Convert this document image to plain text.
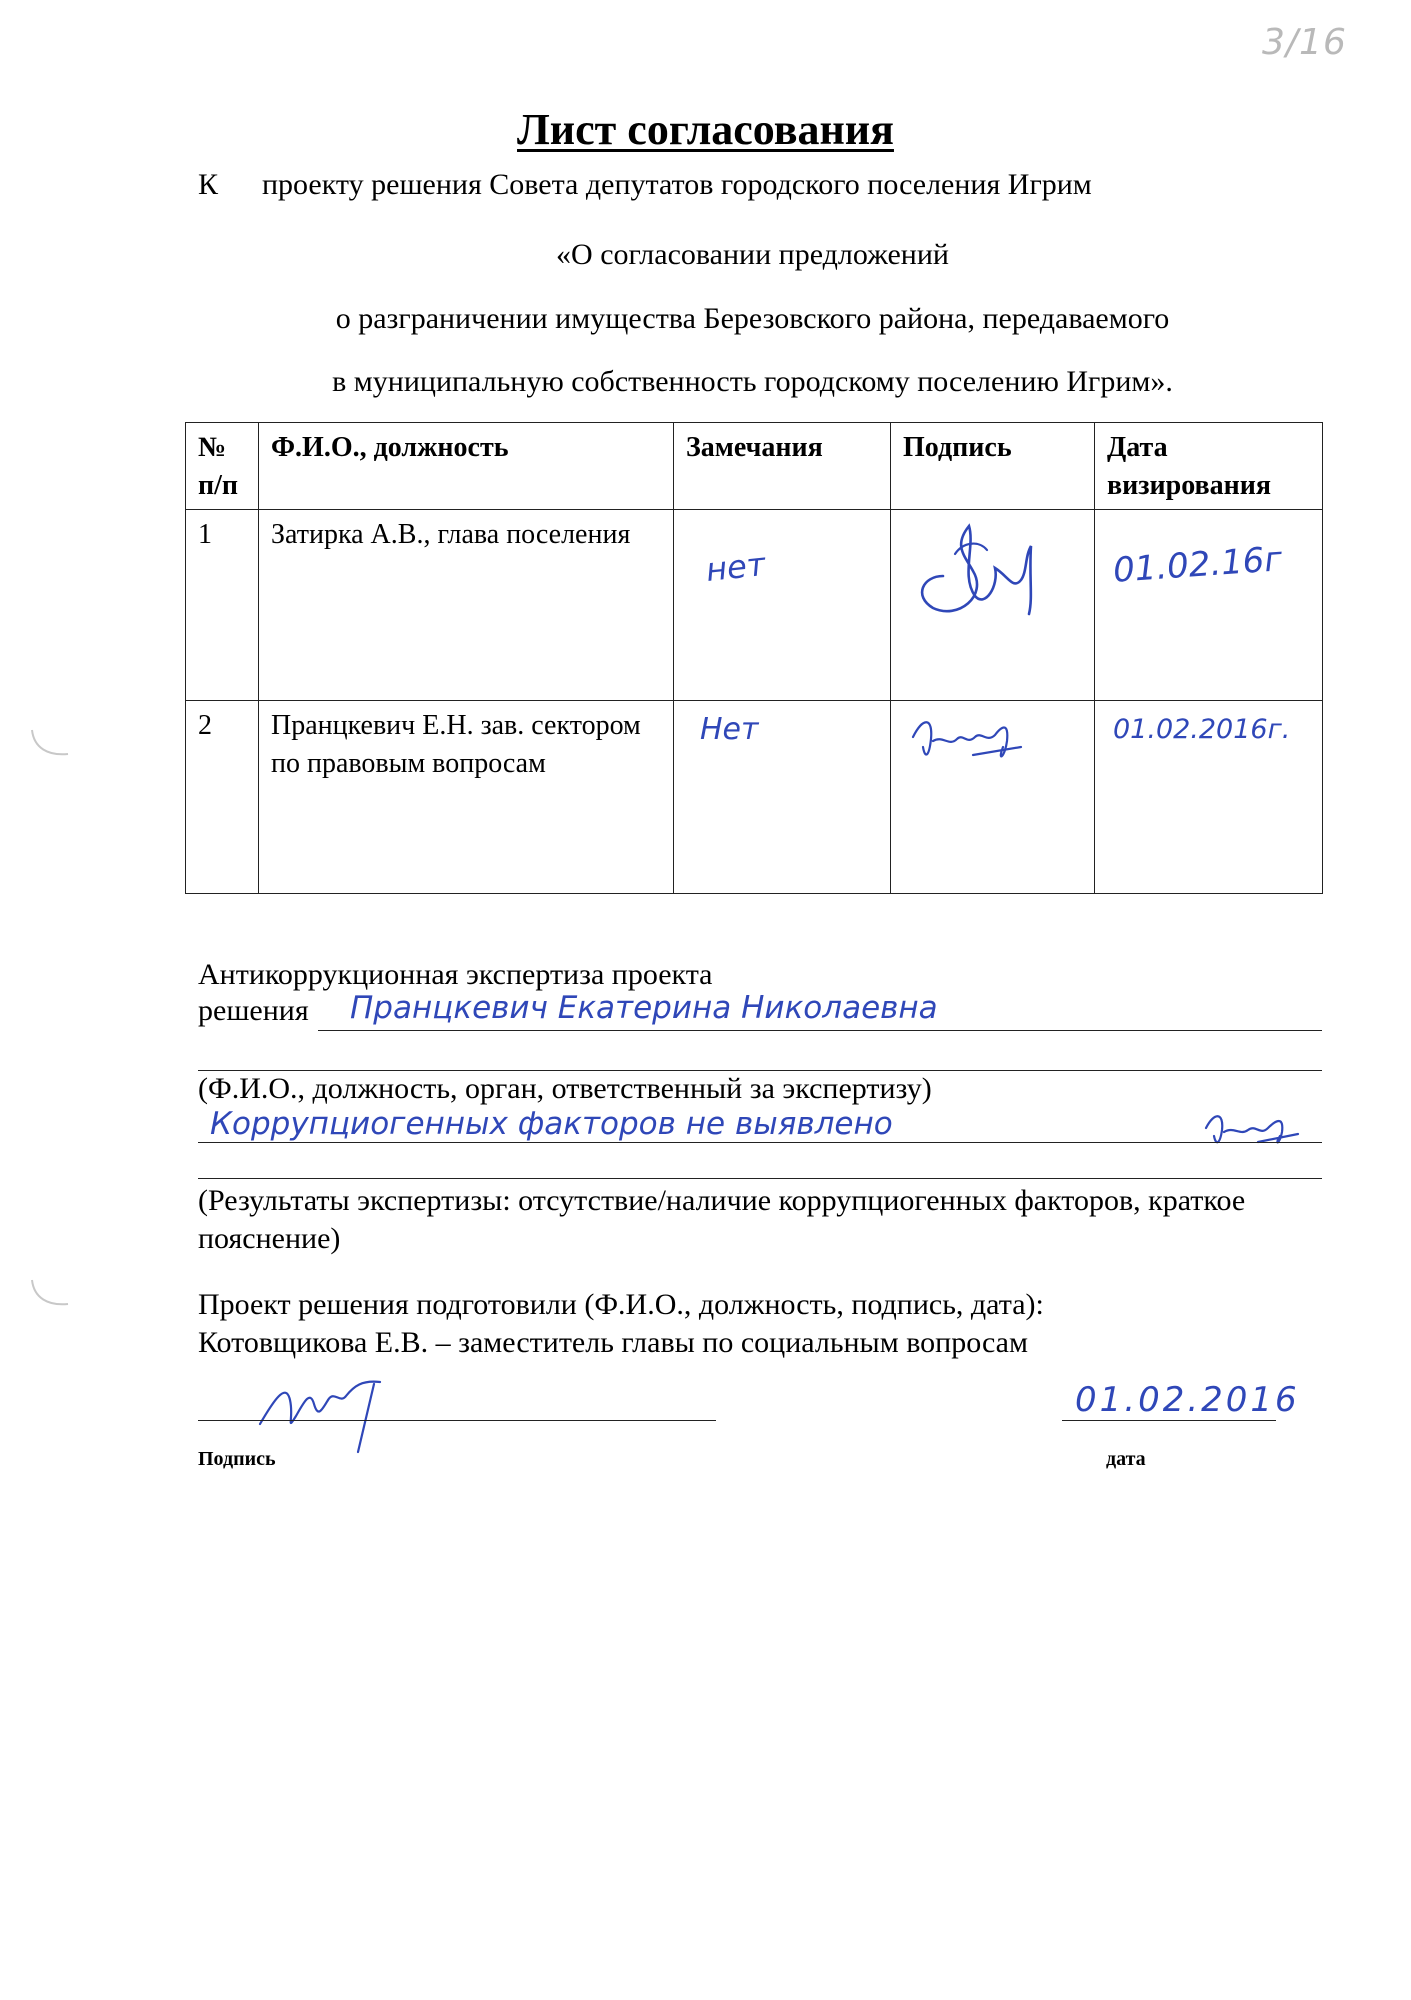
3/16
Лист согласования
К проекту решения Совета депутатов городского поселения Игрим
«О согласовании предложений
о разграничении имущества Березовского района, передаваемого
в муниципальную собственность городскому поселению Игрим».
№ п/п	Ф.И.О., должность	Замечания	Подпись	Дата визирования
1	Затирка А.В., глава поселения	нет		01.02.16г
2	Пранцкевич Е.Н. зав. сектором по правовым вопросам	Нет		01.02.2016г.
Антикоррукционная экспертиза проекта
решения Пранцкевич Екатерина Николаевна
(Ф.И.О., должность, орган, ответственный за экспертизу)
Коррупциогенных факторов не выявлено
(Результаты экспертизы: отсутствие/наличие коррупциогенных факторов, краткое пояснение)
Проект решения подготовили (Ф.И.О., должность, подпись, дата):
Котовщикова Е.В. – заместитель главы по социальным вопросам
Подпись
01.02.2016
дата
